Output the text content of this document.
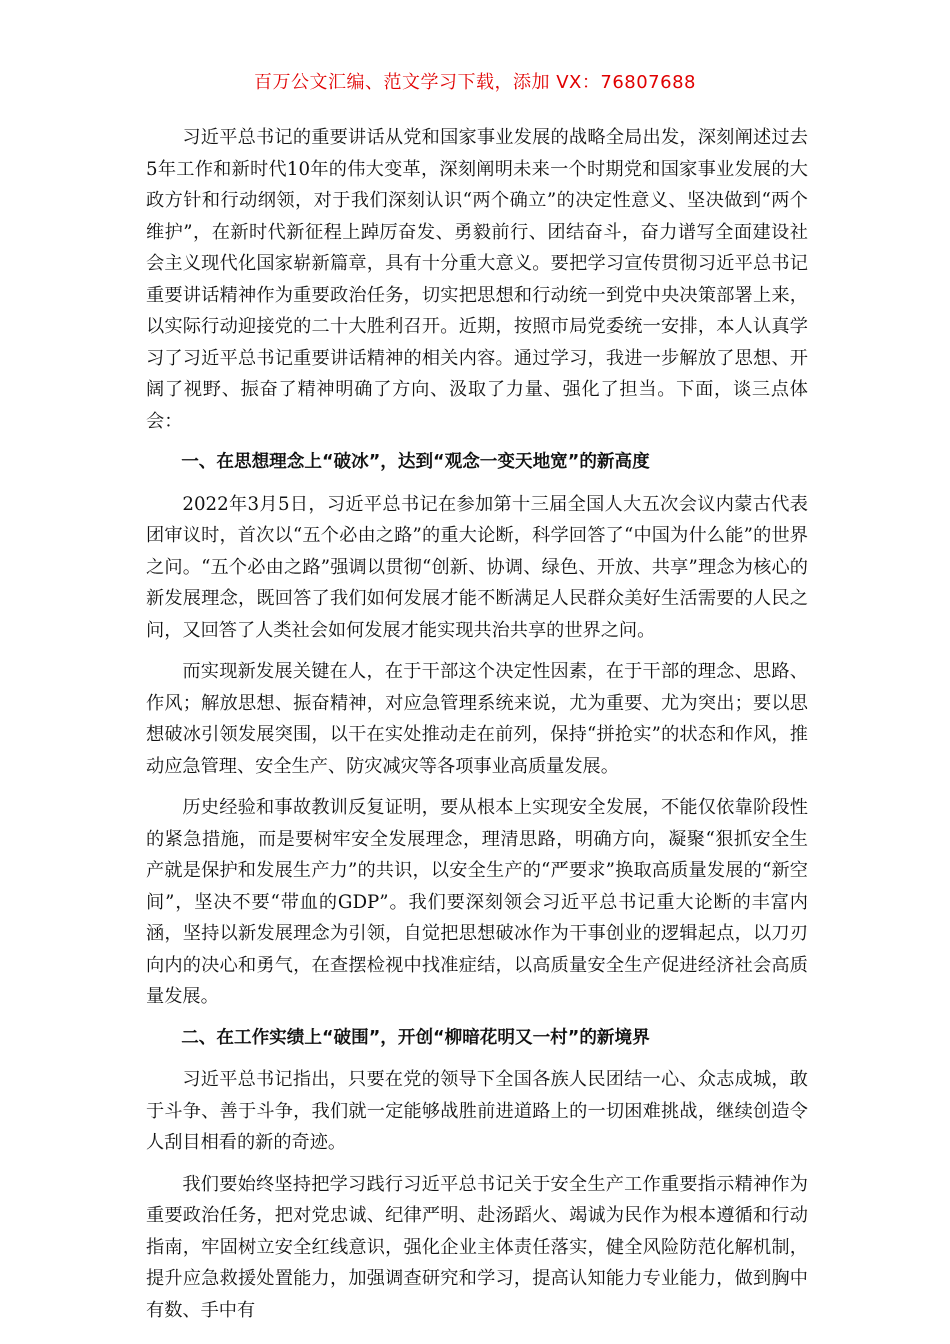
百万公文汇编、范文学习下载，添加 VX：76807688

习近平总书记的重要讲话从党和国家事业发展的战略全局出发，深刻阐述过去5年工作和新时代10年的伟大变革，深刻阐明未来一个时期党和国家事业发展的大政方针和行动纲领，对于我们深刻认识“两个确立”的决定性意义、坚决做到“两个维护”，在新时代新征程上踔厉奋发、勇毅前行、团结奋斗，奋力谱写全面建设社会主义现代化国家崭新篇章，具有十分重大意义。要把学习宣传贯彻习近平总书记重要讲话精神作为重要政治任务，切实把思想和行动统一到党中央决策部署上来，以实际行动迎接党的二十大胜利召开。近期，按照市局党委统一安排，本人认真学习了习近平总书记重要讲话精神的相关内容。通过学习，我进一步解放了思想、开阔了视野、振奋了精神明确了方向、汲取了力量、强化了担当。下面，谈三点体会：

一、在思想理念上“破冰”，达到“观念一变天地宽”的新高度

2022年3月5日，习近平总书记在参加第十三届全国人大五次会议内蒙古代表团审议时，首次以“五个必由之路”的重大论断，科学回答了“中国为什么能”的世界之问。“五个必由之路”强调以贯彻“创新、协调、绿色、开放、共享”理念为核心的新发展理念，既回答了我们如何发展才能不断满足人民群众美好生活需要的人民之问，又回答了人类社会如何发展才能实现共治共享的世界之问。

而实现新发展关键在人，在于干部这个决定性因素，在于干部的理念、思路、作风；解放思想、振奋精神，对应急管理系统来说，尤为重要、尤为突出；要以思想破冰引领发展突围，以干在实处推动走在前列，保持“拼抢实”的状态和作风，推动应急管理、安全生产、防灾减灾等各项事业高质量发展。

历史经验和事故教训反复证明，要从根本上实现安全发展，不能仅依靠阶段性的紧急措施，而是要树牢安全发展理念，理清思路，明确方向，凝聚“狠抓安全生产就是保护和发展生产力”的共识，以安全生产的“严要求”换取高质量发展的“新空间”，坚决不要“带血的GDP”。我们要深刻领会习近平总书记重大论断的丰富内涵，坚持以新发展理念为引领，自觉把思想破冰作为干事创业的逻辑起点，以刀刃向内的决心和勇气，在查摆检视中找准症结，以高质量安全生产促进经济社会高质量发展。

二、在工作实绩上“破围”，开创“柳暗花明又一村”的新境界

习近平总书记指出，只要在党的领导下全国各族人民团结一心、众志成城，敢于斗争、善于斗争，我们就一定能够战胜前进道路上的一切困难挑战，继续创造令人刮目相看的新的奇迹。

我们要始终坚持把学习践行习近平总书记关于安全生产工作重要指示精神作为重要政治任务，把对党忠诚、纪律严明、赴汤蹈火、竭诚为民作为根本遵循和行动指南，牢固树立安全红线意识，强化企业主体责任落实，健全风险防范化解机制，提升应急救援处置能力，加强调查研究和学习，提高认知能力专业能力，做到胸中有数、手中有
